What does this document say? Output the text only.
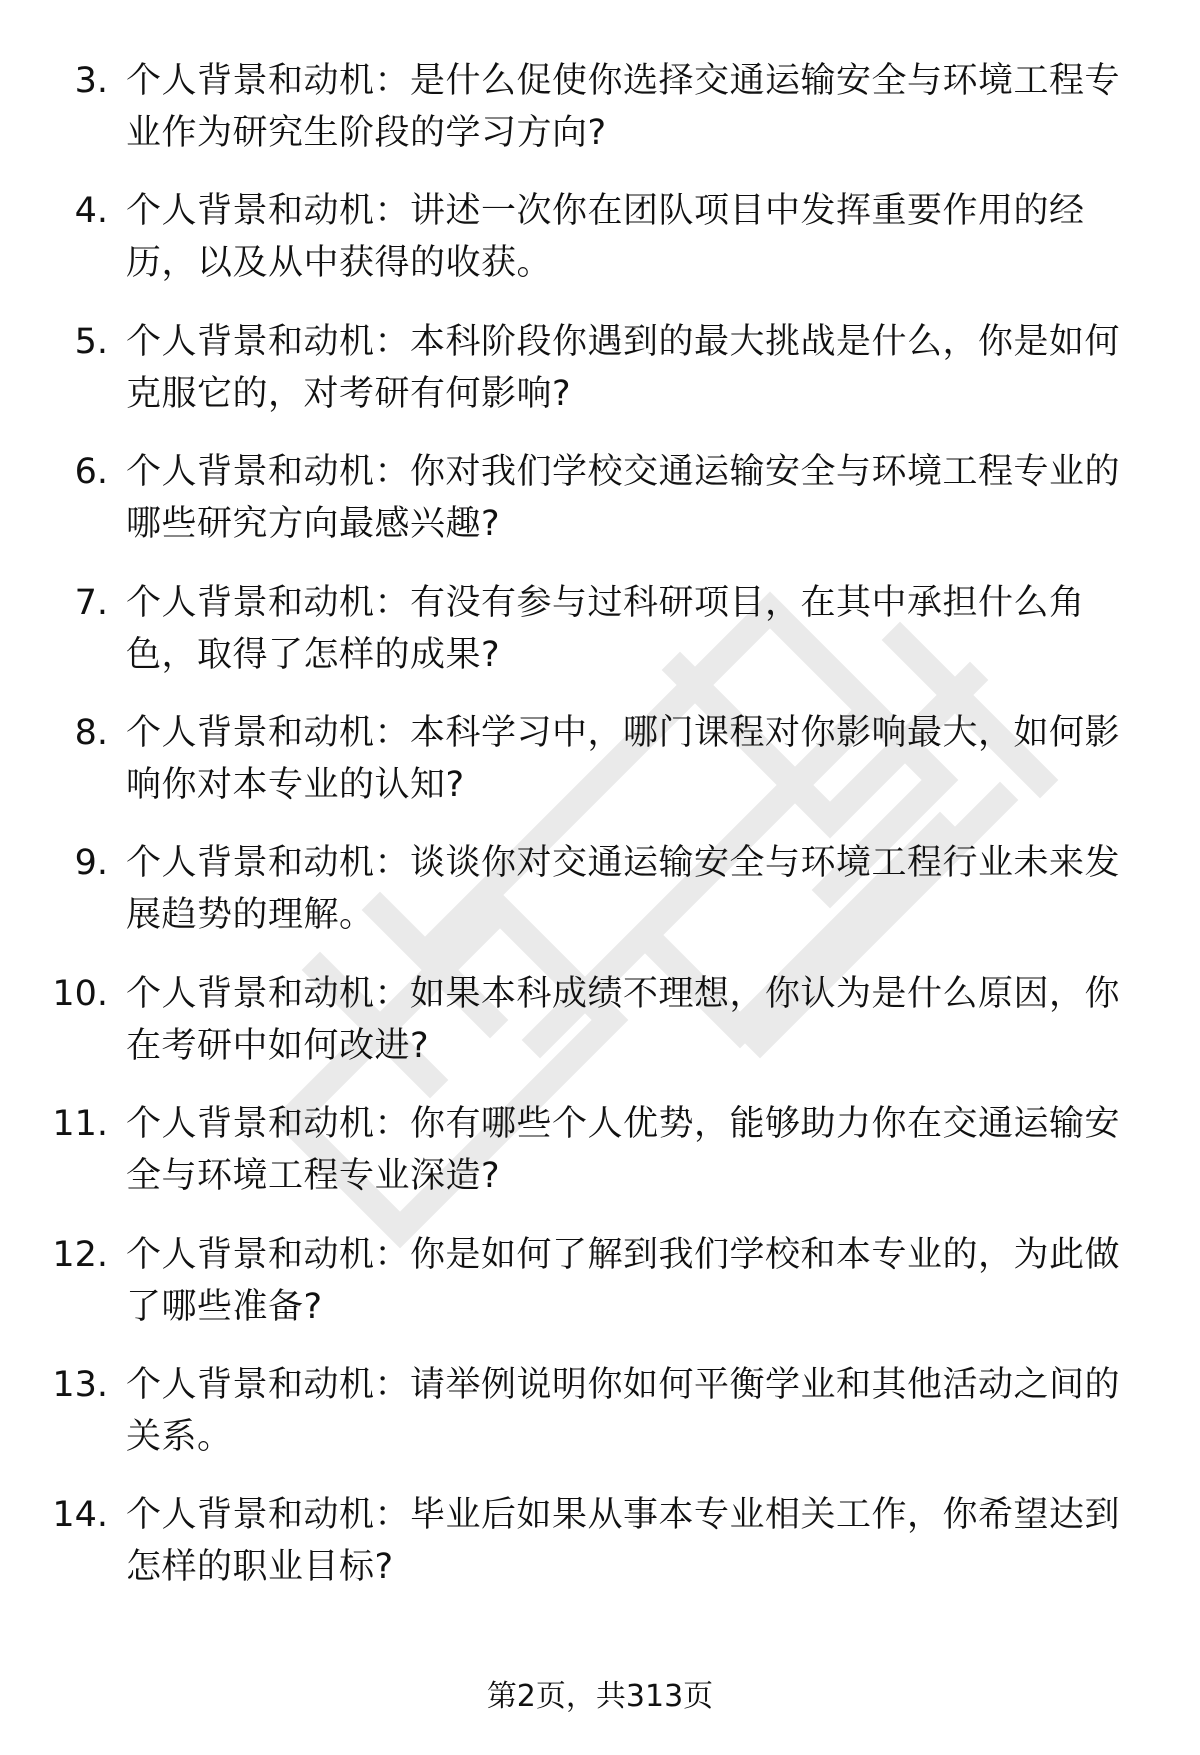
3. 个人背景和动机：是什么促使你选择交通运输安全与环境工程专业作为研究生阶段的学习方向?
4. 个人背景和动机：讲述一次你在团队项目中发挥重要作用的经历，以及从中获得的收获。
5. 个人背景和动机：本科阶段你遇到的最大挑战是什么，你是如何克服它的，对考研有何影响?
6. 个人背景和动机：你对我们学校交通运输安全与环境工程专业的哪些研究方向最感兴趣?
7. 个人背景和动机：有没有参与过科研项目，在其中承担什么角色，取得了怎样的成果?
8. 个人背景和动机：本科学习中，哪门课程对你影响最大，如何影响你对本专业的认知?
9. 个人背景和动机：谈谈你对交通运输安全与环境工程行业未来发展趋势的理解。
10. 个人背景和动机：如果本科成绩不理想，你认为是什么原因，你在考研中如何改进?
11. 个人背景和动机：你有哪些个人优势，能够助力你在交通运输安全与环境工程专业深造?
12. 个人背景和动机：你是如何了解到我们学校和本专业的，为此做了哪些准备?
13. 个人背景和动机：请举例说明你如何平衡学业和其他活动之间的关系。
14. 个人背景和动机：毕业后如果从事本专业相关工作，你希望达到怎样的职业目标?
第2页，共313页
